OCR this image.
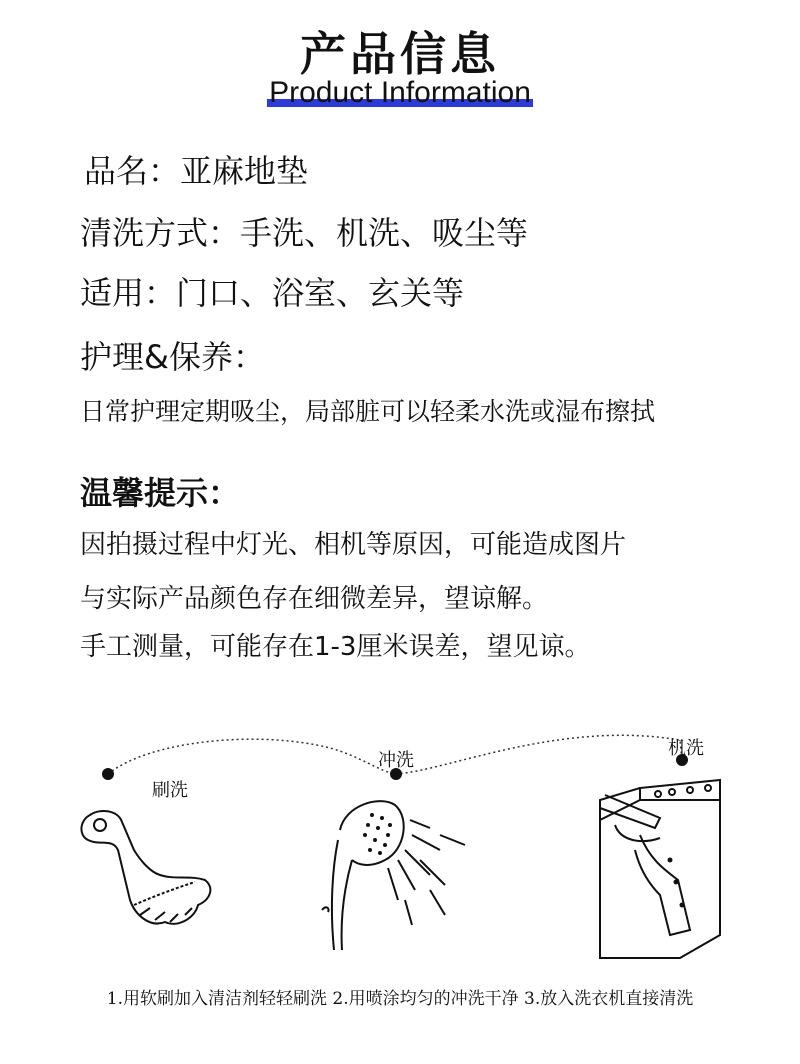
产品信息
Product Information
品名：亚麻地垫
清洗方式：手洗、机洗、吸尘等
适用：门口、浴室、玄关等
护理&保养：
日常护理定期吸尘，局部脏可以轻柔水洗或湿布擦拭
温馨提示：
因拍摄过程中灯光、相机等原因，可能造成图片
与实际产品颜色存在细微差异，望谅解。
手工测量，可能存在1-3厘米误差，望见谅。
刷洗
冲洗
机洗
1.用软刷加入清洁剂轻轻刷洗 2.用喷涂均匀的冲洗干净 3.放入洗衣机直接清洗
